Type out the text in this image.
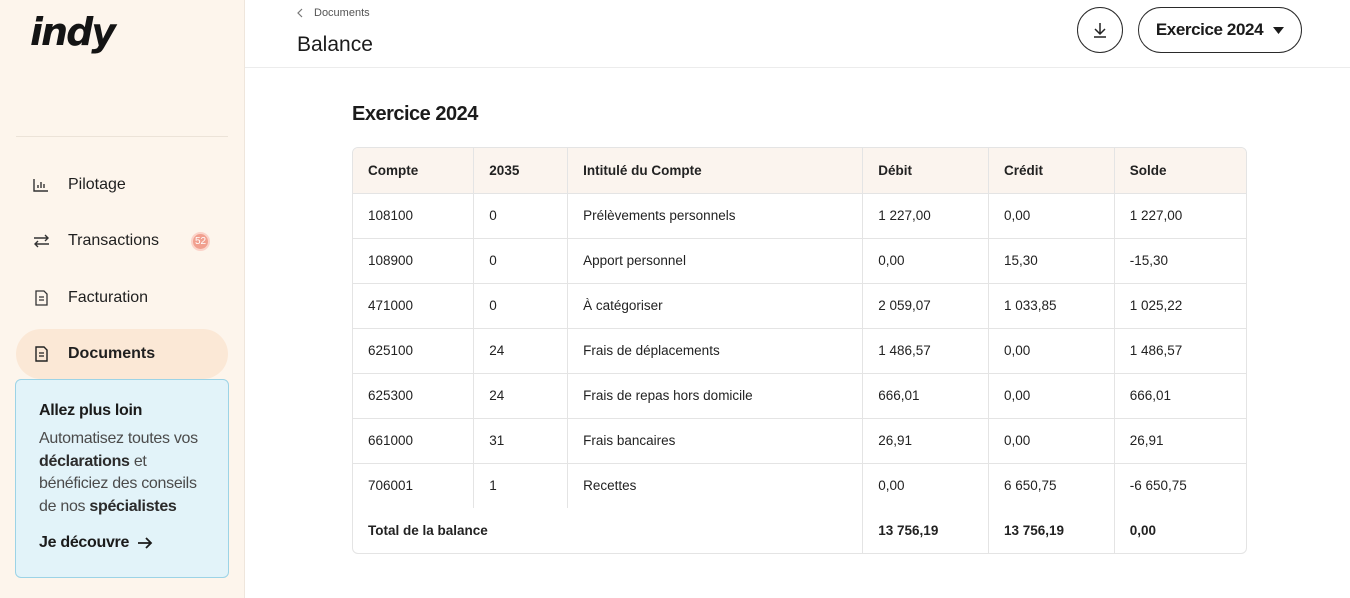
indy
Pilotage
Transactions	52
Facturation
Documents
Allez plus loin
Automatisez toutes vos déclarations et bénéficiez des conseils de nos spécialistes
Je découvre
Documents
Balance
Exercice 2024
Exercice 2024
Compte	2035	Intitulé du Compte	Débit	Crédit	Solde
108100	0	Prélèvements personnels	1 227,00	0,00	1 227,00
108900	0	Apport personnel	0,00	15,30	-15,30
471000	0	À catégoriser	2 059,07	1 033,85	1 025,22
625100	24	Frais de déplacements	1 486,57	0,00	1 486,57
625300	24	Frais de repas hors domicile	666,01	0,00	666,01
661000	31	Frais bancaires	26,91	0,00	26,91
706001	1	Recettes	0,00	6 650,75	-6 650,75
Total de la balance			13 756,19	13 756,19	0,00
